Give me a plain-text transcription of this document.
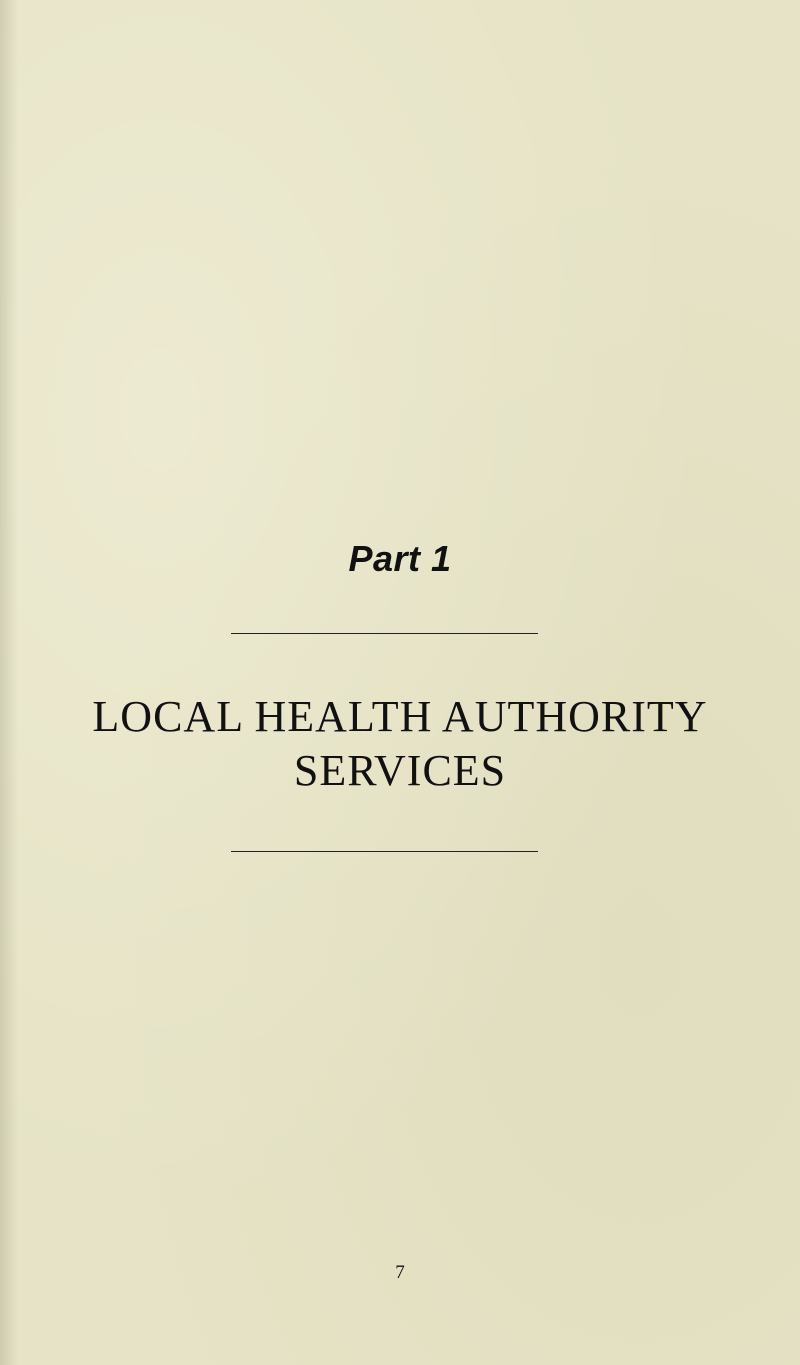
Part 1
LOCAL HEALTH AUTHORITY
SERVICES
7
